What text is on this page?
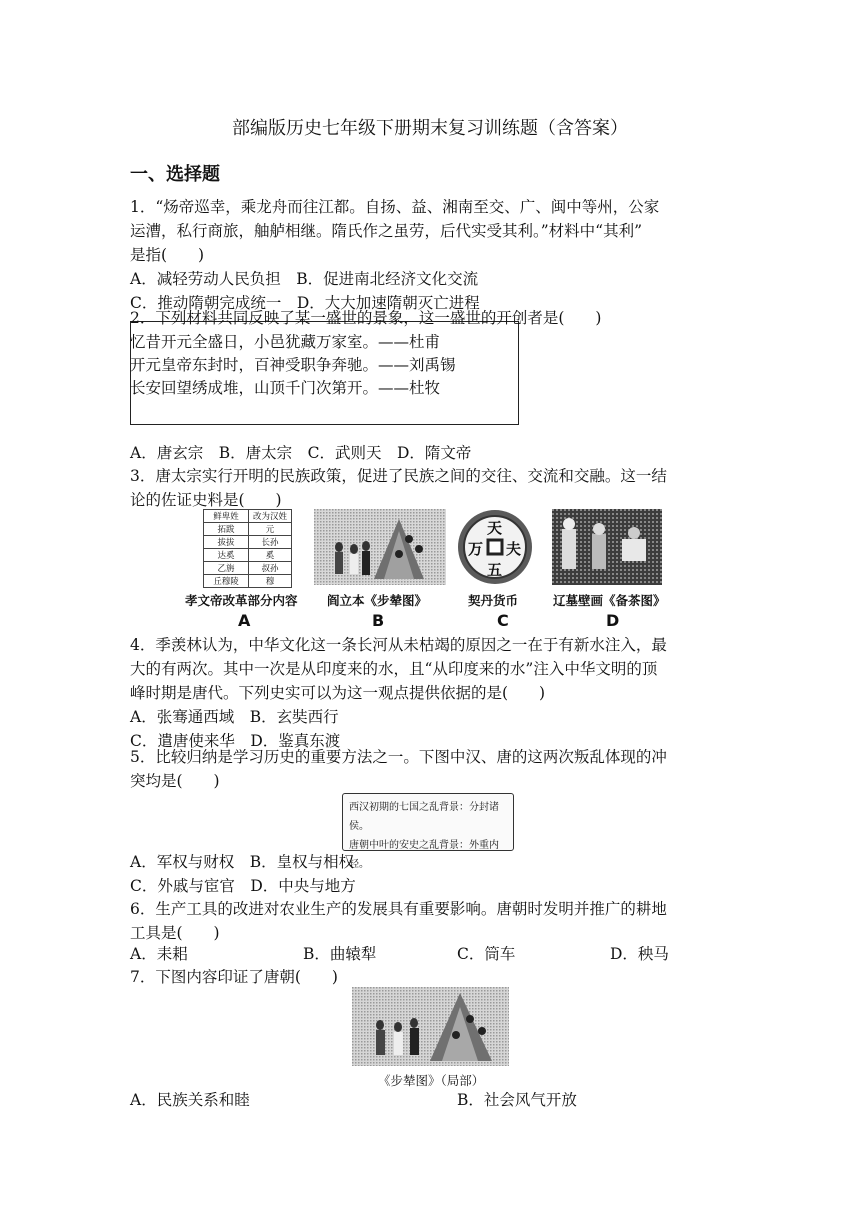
部编版历史七年级下册期末复习训练题（含答案）
一、选择题
1．“炀帝巡幸，乘龙舟而往江都。自扬、益、湘南至交、广、闽中等州，公家
运漕，私行商旅，舳舻相继。隋氏作之虽劳，后代实受其利。”材料中“其利”
是指(　　)
A．减轻劳动人民负担　B．促进南北经济文化交流
C．推动隋朝完成统一　D．大大加速隋朝灭亡进程
2．下列材料共同反映了某一盛世的景象，这一盛世的开创者是(　　)
忆昔开元全盛日，小邑犹藏万家室。——杜甫
开元皇帝东封时，百神受职争奔驰。——刘禹锡
长安回望绣成堆，山顶千门次第开。——杜牧
A．唐玄宗　B．唐太宗　C．武则天　D．隋文帝
3．唐太宗实行开明的民族政策，促进了民族之间的交往、交流和交融。这一结
论的佐证史料是(　　)
鲜卑姓	改为汉姓
拓跋	元
拔拔	长孙
达奚	奚
乙旃	叔孙
丘穆陵	穆
天
夫
五
万
孝文帝改革部分内容 阎立本《步辇图》	契丹货币	辽墓壁画《备茶图》
A	B	C	D
4．季羡林认为，中华文化这一条长河从未枯竭的原因之一在于有新水注入，最
大的有两次。其中一次是从印度来的水，且“从印度来的水”注入中华文明的顶
峰时期是唐代。下列史实可以为这一观点提供依据的是(　　)
A．张骞通西域　B．玄奘西行
C．遣唐使来华　D．鉴真东渡
5．比较归纳是学习历史的重要方法之一。下图中汉、唐的这两次叛乱体现的冲
突均是(　　)
西汉初期的七国之乱背景：分封诸侯。
唐朝中叶的安史之乱背景：外重内轻。
A．军权与财权　B．皇权与相权
C．外戚与宦官　D．中央与地方
6．生产工具的改进对农业生产的发展具有重要影响。唐朝时发明并推广的耕地
工具是(　　)
A．耒耜	B．曲辕犁	C．筒车	D．秧马
7．下图内容印证了唐朝(　　)
《步辇图》（局部）
A．民族关系和睦	B．社会风气开放
